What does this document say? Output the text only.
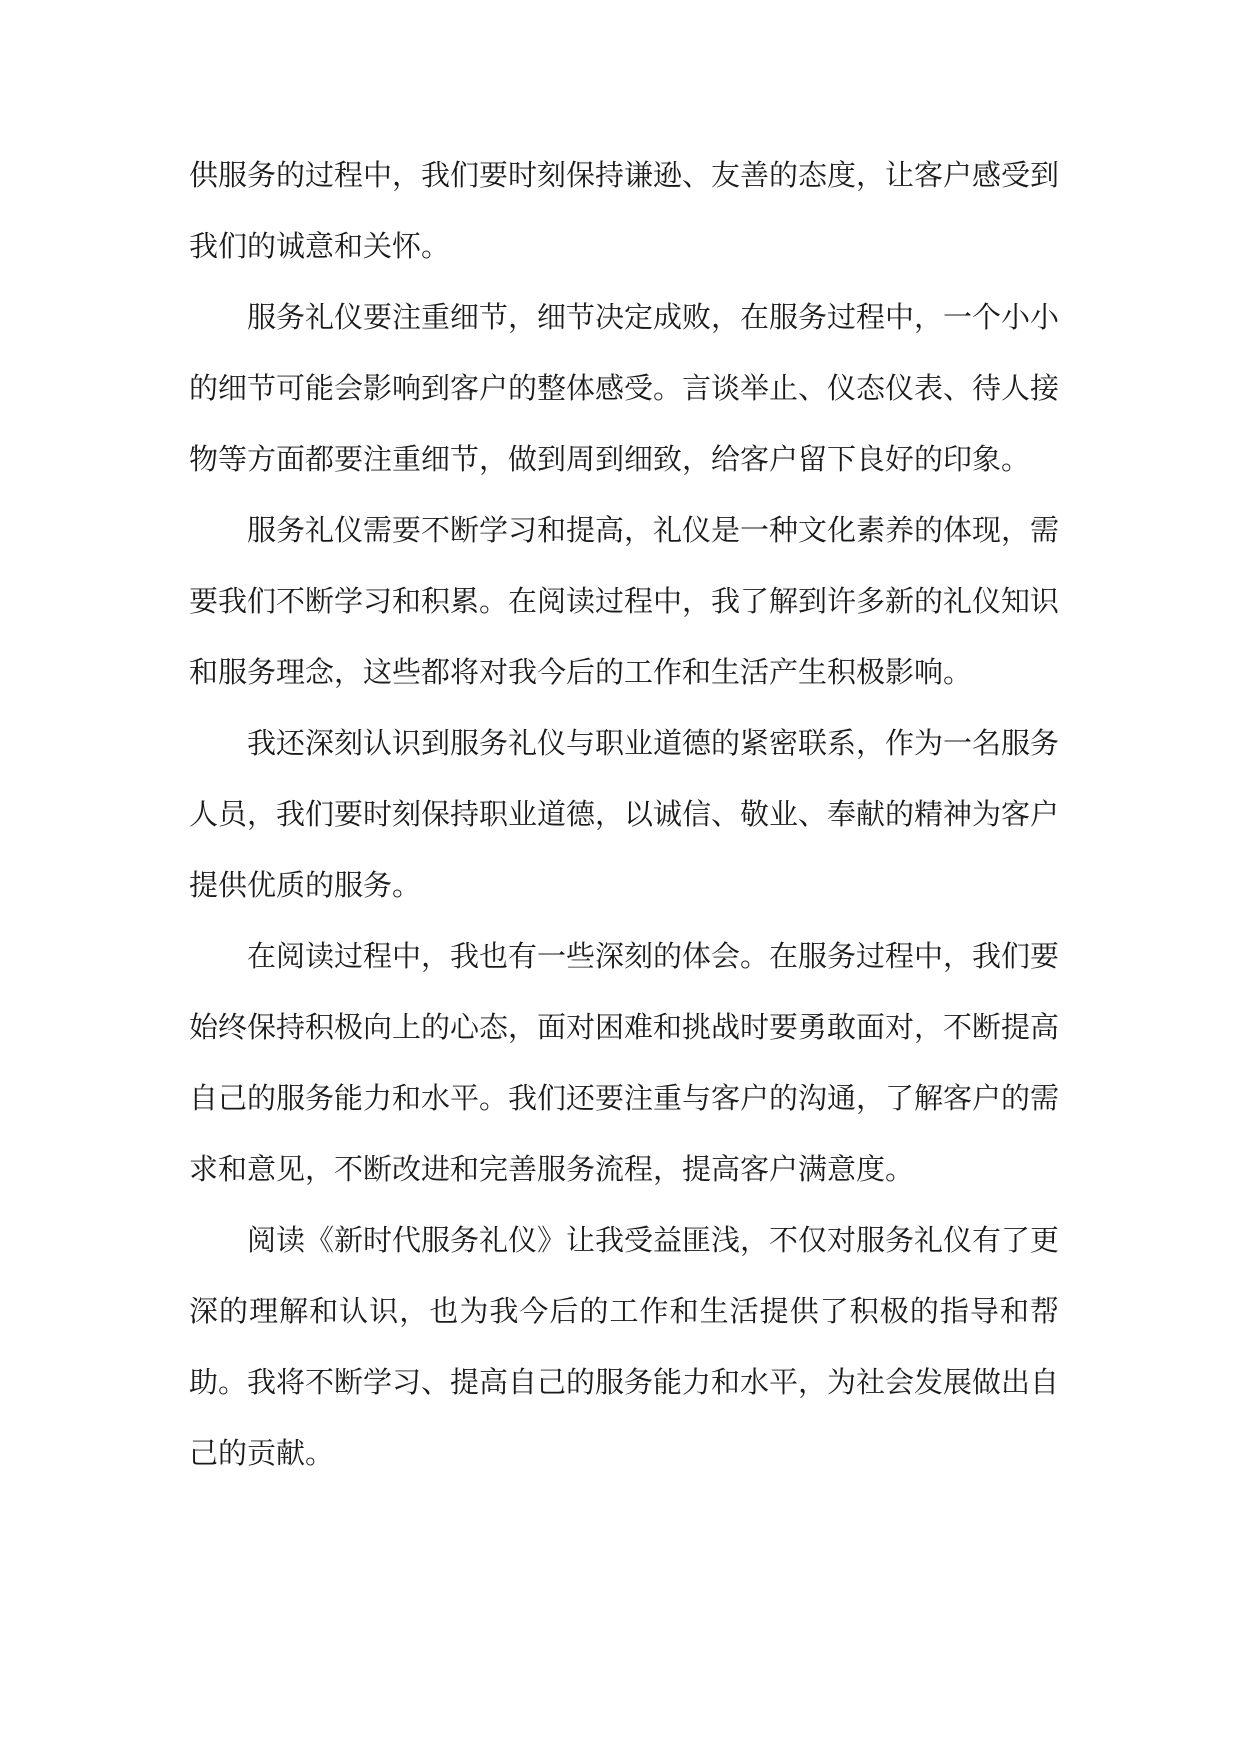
供服务的过程中，我们要时刻保持谦逊、友善的态度，让客户感受到我们的诚意和关怀。

服务礼仪要注重细节，细节决定成败，在服务过程中，一个小小的细节可能会影响到客户的整体感受。言谈举止、仪态仪表、待人接物等方面都要注重细节，做到周到细致，给客户留下良好的印象。

服务礼仪需要不断学习和提高，礼仪是一种文化素养的体现，需要我们不断学习和积累。在阅读过程中，我了解到许多新的礼仪知识和服务理念，这些都将对我今后的工作和生活产生积极影响。

我还深刻认识到服务礼仪与职业道德的紧密联系，作为一名服务人员，我们要时刻保持职业道德，以诚信、敬业、奉献的精神为客户提供优质的服务。

在阅读过程中，我也有一些深刻的体会。在服务过程中，我们要始终保持积极向上的心态，面对困难和挑战时要勇敢面对，不断提高自己的服务能力和水平。我们还要注重与客户的沟通，了解客户的需求和意见，不断改进和完善服务流程，提高客户满意度。

阅读《新时代服务礼仪》让我受益匪浅，不仅对服务礼仪有了更深的理解和认识，也为我今后的工作和生活提供了积极的指导和帮助。我将不断学习、提高自己的服务能力和水平，为社会发展做出自己的贡献。
